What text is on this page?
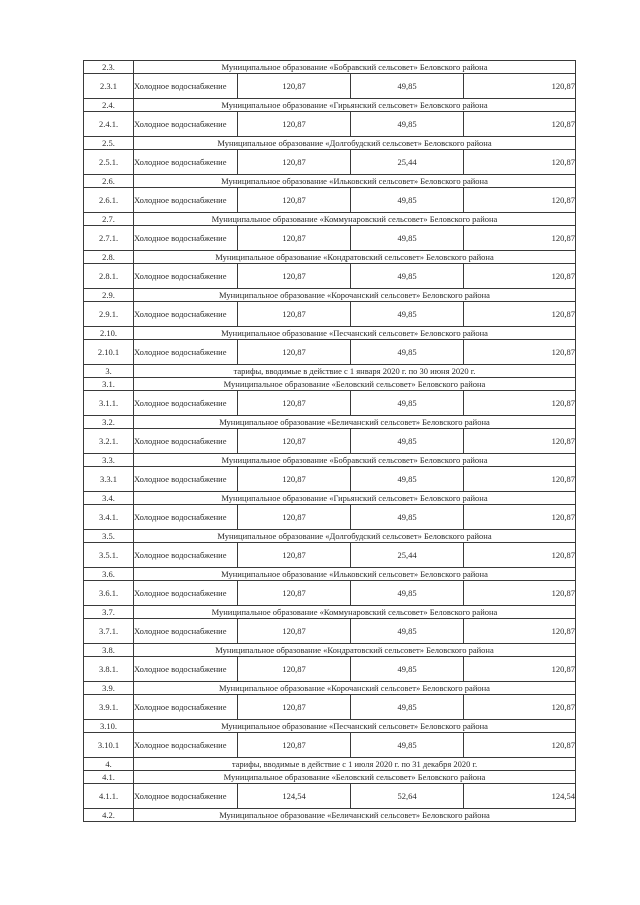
2.3.	Муниципальное образование «Бобравский сельсовет» Беловского района			
2.3.1	Холодное водоснабжение	120,87	49,85	120,87
2.4.	Муниципальное образование «Гирьянский сельсовет» Беловского района			
2.4.1.	Холодное водоснабжение	120,87	49,85	120,87
2.5.	Муниципальное образование «Долгобудский сельсовет» Беловского района			
2.5.1.	Холодное водоснабжение	120,87	25,44	120,87
2.6.	Муниципальное образование «Ильковский сельсовет» Беловского района			
2.6.1.	Холодное водоснабжение	120,87	49,85	120,87
2.7.	Муниципальное образование «Коммунаровский сельсовет» Беловского района			
2.7.1.	Холодное водоснабжение	120,87	49,85	120,87
2.8.	Муниципальное образование «Кондратовский сельсовет» Беловского района			
2.8.1.	Холодное водоснабжение	120,87	49,85	120,87
2.9.	Муниципальное образование «Корочанский сельсовет» Беловского района			
2.9.1.	Холодное водоснабжение	120,87	49,85	120,87
2.10.	Муниципальное образование «Песчанский сельсовет» Беловского района			
2.10.1	Холодное водоснабжение	120,87	49,85	120,87
3.	тарифы, вводимые в действие с 1 января 2020 г. по 30 июня 2020 г.			
3.1.	Муниципальное образование «Беловский сельсовет» Беловского района			
3.1.1.	Холодное водоснабжение	120,87	49,85	120,87
3.2.	Муниципальное образование «Беличанский сельсовет» Беловского района			
3.2.1.	Холодное водоснабжение	120,87	49,85	120,87
3.3.	Муниципальное образование «Бобравский сельсовет» Беловского района			
3.3.1	Холодное водоснабжение	120,87	49,85	120,87
3.4.	Муниципальное образование «Гирьянский сельсовет» Беловского района			
3.4.1.	Холодное водоснабжение	120,87	49,85	120,87
3.5.	Муниципальное образование «Долгобудский сельсовет» Беловского района			
3.5.1.	Холодное водоснабжение	120,87	25,44	120,87
3.6.	Муниципальное образование «Ильковский сельсовет» Беловского района			
3.6.1.	Холодное водоснабжение	120,87	49,85	120,87
3.7.	Муниципальное образование «Коммунаровский сельсовет» Беловского района			
3.7.1.	Холодное водоснабжение	120,87	49,85	120,87
3.8.	Муниципальное образование «Кондратовский сельсовет» Беловского района			
3.8.1.	Холодное водоснабжение	120,87	49,85	120,87
3.9.	Муниципальное образование «Корочанский сельсовет» Беловского района			
3.9.1.	Холодное водоснабжение	120,87	49,85	120,87
3.10.	Муниципальное образование «Песчанский сельсовет» Беловского района			
3.10.1	Холодное водоснабжение	120,87	49,85	120,87
4.	тарифы, вводимые в действие с 1 июля 2020 г. по 31 декабря 2020 г.			
4.1.	Муниципальное образование «Беловский сельсовет» Беловского района			
4.1.1.	Холодное водоснабжение	124,54	52,64	124,54
4.2.	Муниципальное образование «Беличанский сельсовет» Беловского района			
